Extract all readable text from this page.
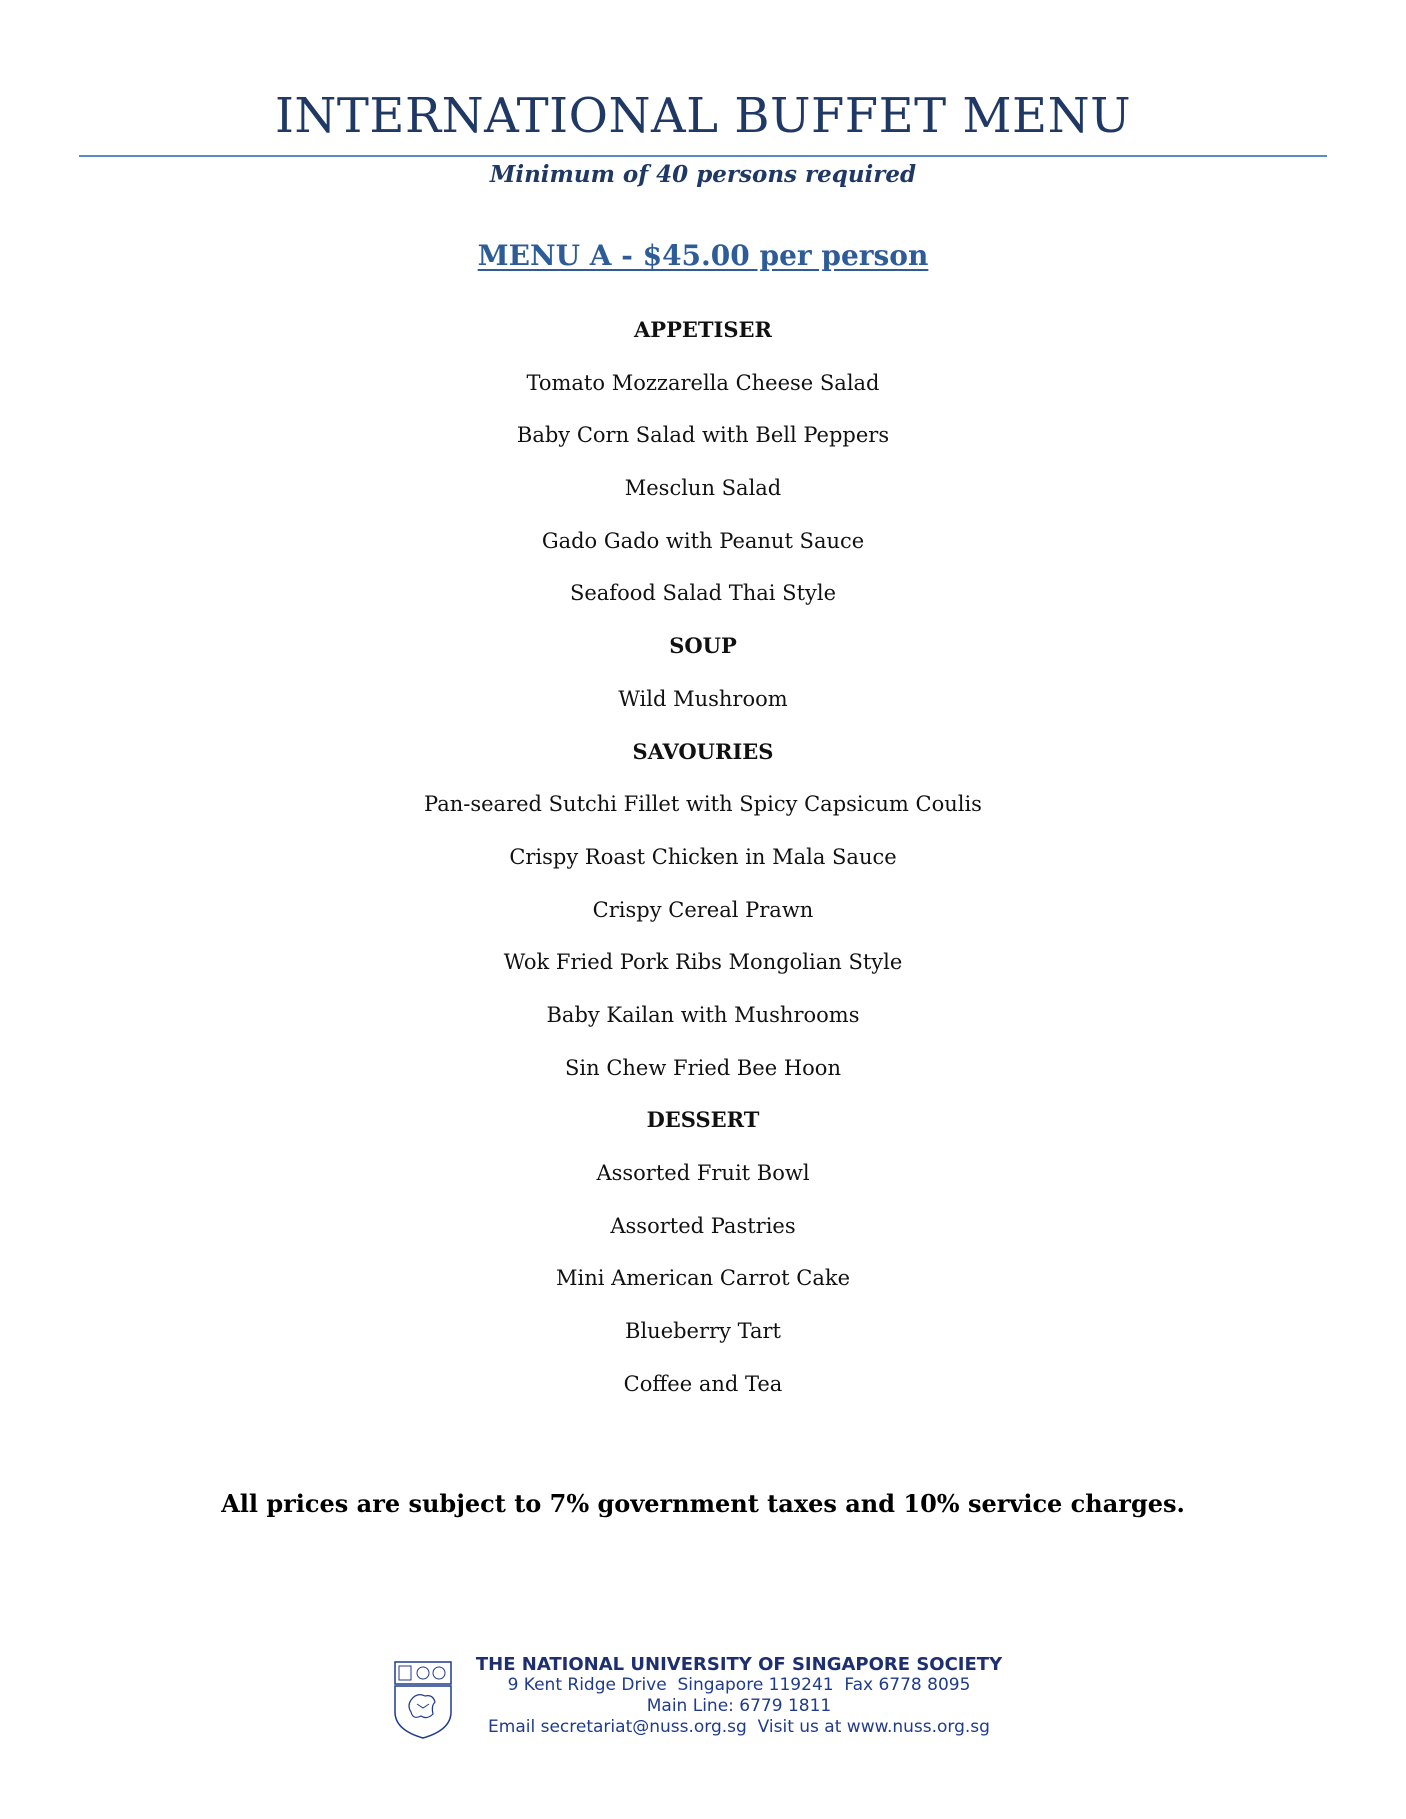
INTERNATIONAL BUFFET MENU
Minimum of 40 persons required
MENU A - $45.00 per person
APPETISER
Tomato Mozzarella Cheese Salad
Baby Corn Salad with Bell Peppers
Mesclun Salad
Gado Gado with Peanut Sauce
Seafood Salad Thai Style
SOUP
Wild Mushroom
SAVOURIES
Pan-seared Sutchi Fillet with Spicy Capsicum Coulis
Crispy Roast Chicken in Mala Sauce
Crispy Cereal Prawn
Wok Fried Pork Ribs Mongolian Style
Baby Kailan with Mushrooms
Sin Chew Fried Bee Hoon
DESSERT
Assorted Fruit Bowl
Assorted Pastries
Mini American Carrot Cake
Blueberry Tart
Coffee and Tea
All prices are subject to 7% government taxes and 10% service charges.
THE NATIONAL UNIVERSITY OF SINGAPORE SOCIETY
9 Kent Ridge Drive  Singapore 119241  Fax 6778 8095
Main Line: 6779 1811
Email secretariat@nuss.org.sg  Visit us at www.nuss.org.sg
